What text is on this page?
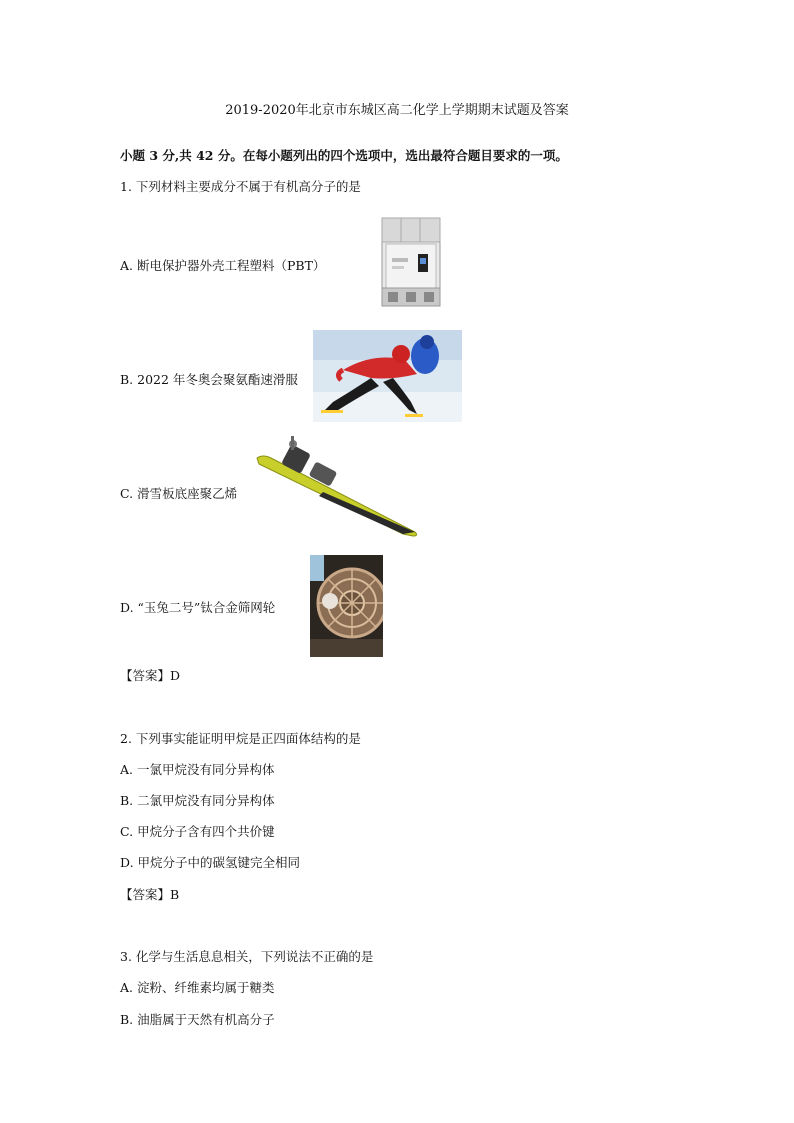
2019-2020年北京市东城区高二化学上学期期末试题及答案
小题 3 分,共 42 分。在每小题列出的四个选项中，选出最符合题目要求的一项。
1. 下列材料主要成分不属于有机高分子的是
A. 断电保护器外壳工程塑料（PBT）
B. 2022 年冬奥会聚氨酯速滑服
C. 滑雪板底座聚乙烯
D. “玉兔二号”钛合金筛网轮
【答案】D
2. 下列事实能证明甲烷是正四面体结构的是
A. 一氯甲烷没有同分异构体
B. 二氯甲烷没有同分异构体
C. 甲烷分子含有四个共价键
D. 甲烷分子中的碳氢键完全相同
【答案】B
3. 化学与生活息息相关，下列说法不正确的是
A. 淀粉、纤维素均属于糖类
B. 油脂属于天然有机高分子
